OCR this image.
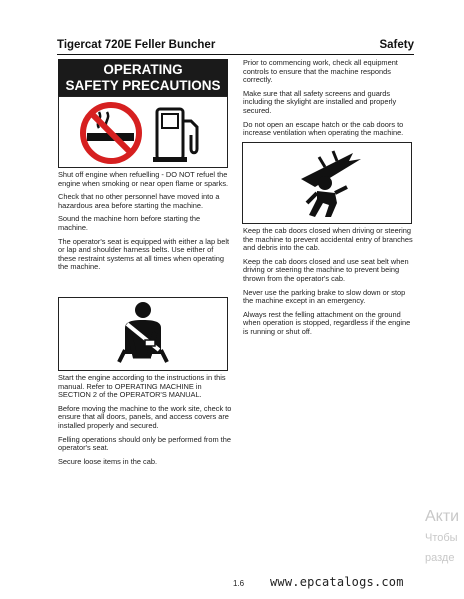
Tigercat 720E Feller Buncher	Safety
OPERATING
SAFETY PRECAUTIONS

Shut off engine when refuelling - DO NOT refuel the engine when smoking or near open flame or sparks.

Check that no other personnel have moved into a hazardous area before starting the machine.

Sound the machine horn before starting the machine.

The operator's seat is equipped with either a lap belt or lap and shoulder harness belts. Use either of these restraint systems at all times when operating the machine.

Start the engine according to the instructions in this manual. Refer to OPERATING MACHINE in SECTION 2 of the OPERATOR'S MANUAL.

Before moving the machine to the work site, check to ensure that all doors, panels, and access covers are installed properly and secured.

Felling operations should only be performed from the operator's seat.

Secure loose items in the cab.

Prior to commencing work, check all equipment controls to ensure that the machine responds correctly.

Make sure that all safety screens and guards including the skylight are installed and properly secured.

Do not open an escape hatch or the cab doors to increase ventilation when operating the machine.

Keep the cab doors closed when driving or steering the machine to prevent accidental entry of branches and debris into the cab.

Keep the cab doors closed and use seat belt when driving or steering the machine to prevent being thrown from the operator's cab.

Never use the parking brake to slow down or stop the machine except in an emergency.

Always rest the felling attachment on the ground when operation is stopped, regardless if the engine is running or shut off.

1.6 www.epcatalogs.com
Акти
Чтобы
разде
